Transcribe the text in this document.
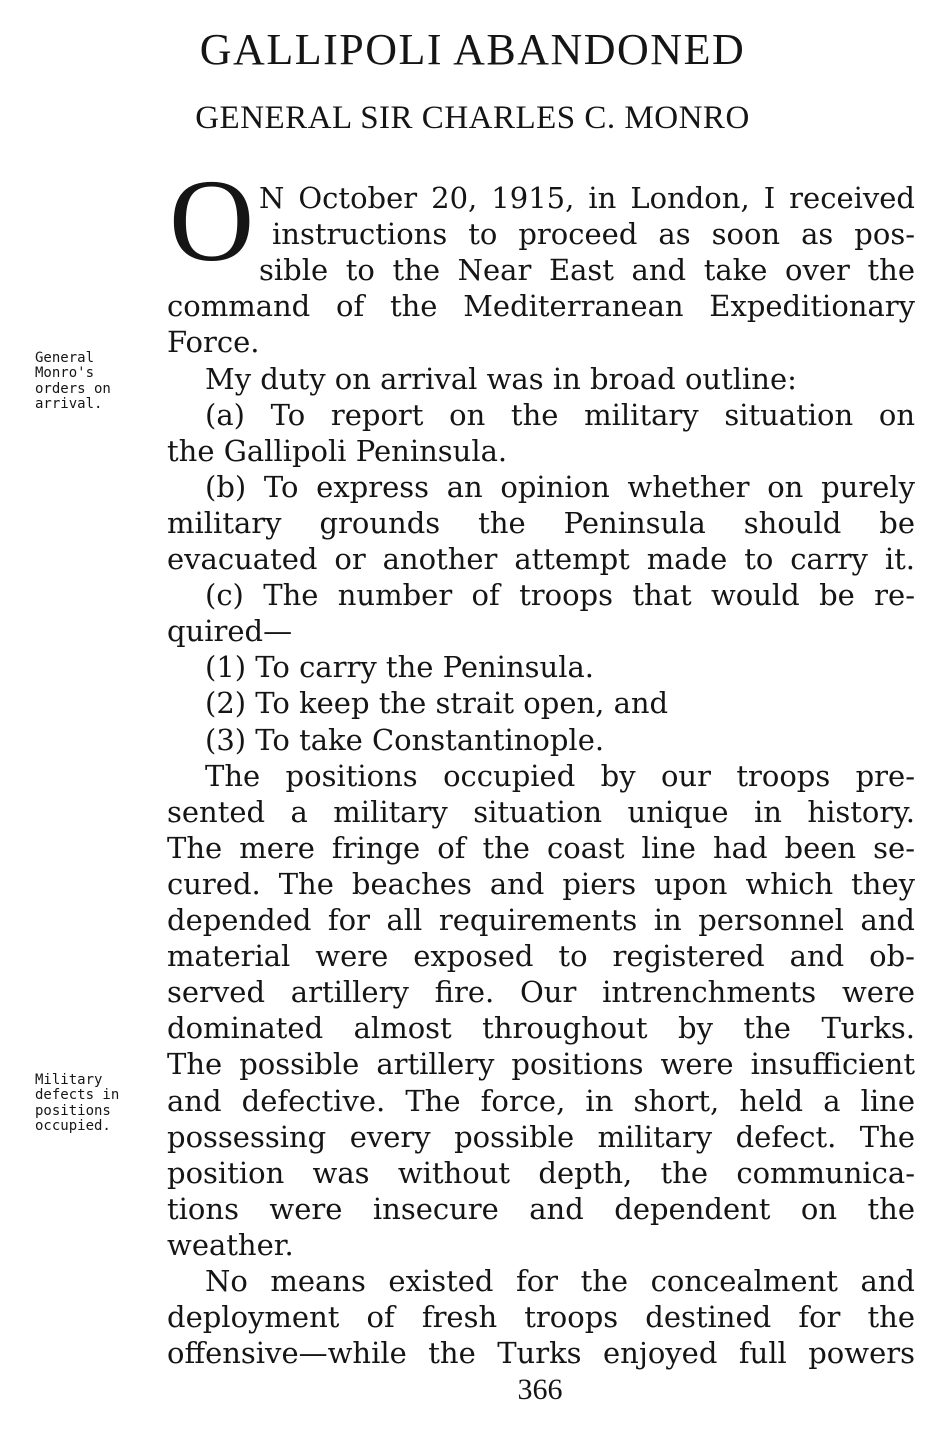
GALLIPOLI ABANDONED
GENERAL SIR CHARLES C. MONRO
O N October 20, 1915, in London, I received
instructions to proceed as soon as pos-
sible to the Near East and take over the
command of the Mediterranean Expeditionary
Force.
My duty on arrival was in broad outline:
(a) To report on the military situation on
the Gallipoli Peninsula.
(b) To express an opinion whether on purely
military grounds the Peninsula should be
evacuated or another attempt made to carry it.
(c) The number of troops that would be re-
quired—
(1) To carry the Peninsula.
(2) To keep the strait open, and
(3) To take Constantinople.
The positions occupied by our troops pre-
sented a military situation unique in history.
The mere fringe of the coast line had been se-
cured. The beaches and piers upon which they
depended for all requirements in personnel and
material were exposed to registered and ob-
served artillery fire. Our intrenchments were
dominated almost throughout by the Turks.
The possible artillery positions were insufficient
and defective. The force, in short, held a line
possessing every possible military defect. The
position was without depth, the communica-
tions were insecure and dependent on the
weather.
No means existed for the concealment and
deployment of fresh troops destined for the
offensive—while the Turks enjoyed full powers
General
Monro's
orders on
arrival.
Military
defects in
positions
occupied.
366
